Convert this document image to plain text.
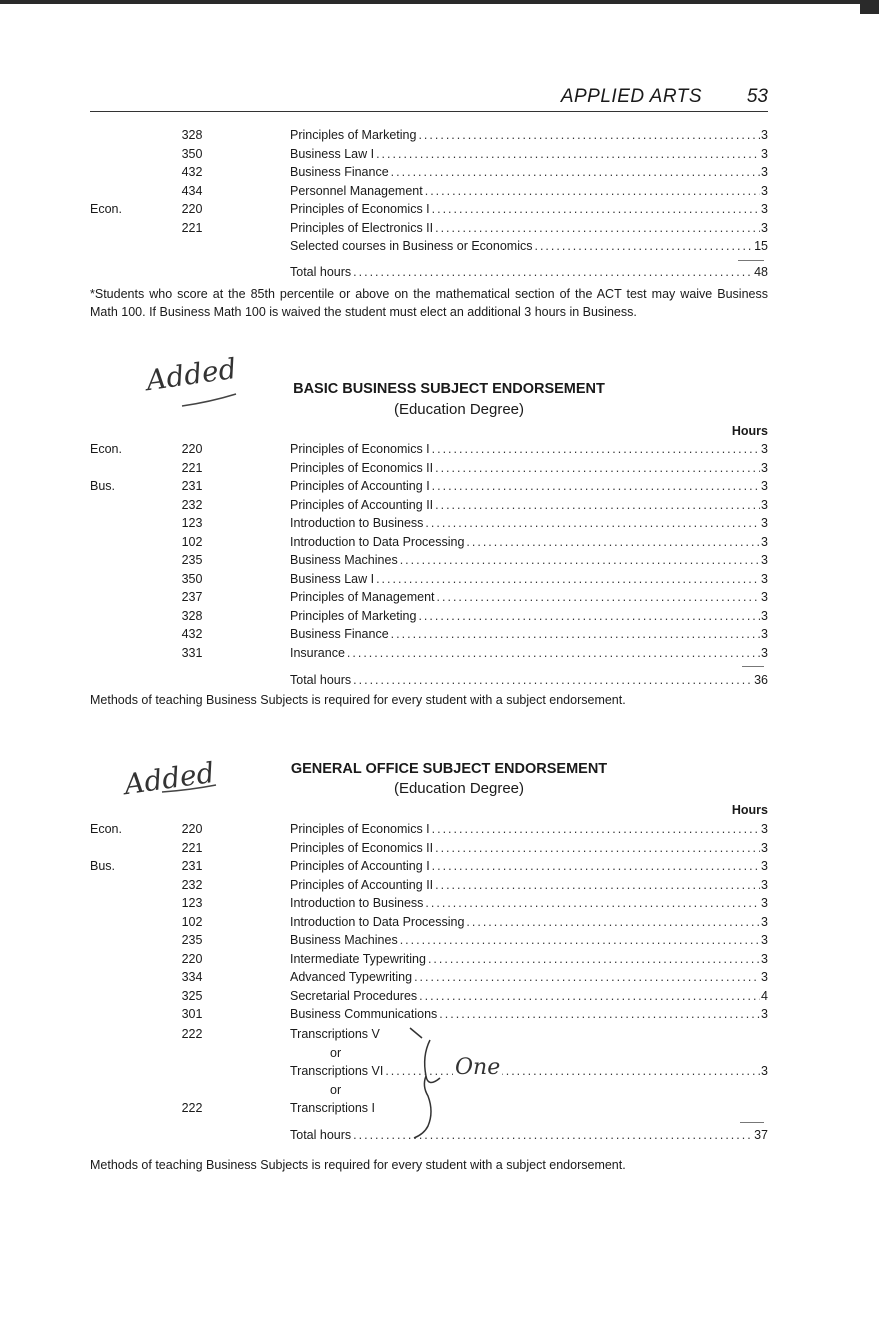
APPLIED ARTS 53
328	Principles of Marketing .....	3
350	Business Law I .....	3
432	Business Finance .....	3
434	Personnel Management .....	3
Econ.	220	Principles of Economics I .....	3
221	Principles of Electronics II .....	3
Selected courses in Business or Economics .....	15
Total hours .....	48
*Students who score at the 85th percentile or above on the mathematical section of the ACT test may waive Business Math 100. If Business Math 100 is waived the student must elect an additional 3 hours in Business.
Added	BASIC BUSINESS SUBJECT ENDORSEMENT
(Education Degree)
Hours
Econ.	220	Principles of Economics I .....	3
221	Principles of Economics II .....	3
Bus.	231	Principles of Accounting I .....	3
232	Principles of Accounting II .....	3
123	Introduction to Business .....	3
102	Introduction to Data Processing .....	3
235	Business Machines .....	3
350	Business Law I .....	3
237	Principles of Management .....	3
328	Principles of Marketing .....	3
432	Business Finance .....	3
331	Insurance .....	3
Total hours .....	36
Methods of teaching Business Subjects is required for every student with a subject endorsement.
Added	GENERAL OFFICE SUBJECT ENDORSEMENT
(Education Degree)
Hours
Econ.	220	Principles of Economics I .....	3
221	Principles of Economics II .....	3
Bus.	231	Principles of Accounting I .....	3
232	Principles of Accounting II .....	3
123	Introduction to Business .....	3
102	Introduction to Data Processing .....	3
235	Business Machines .....	3
220	Intermediate Typewriting .....	3
334	Advanced Typewriting .....	3
325	Secretarial Procedures .....	4
301	Business Communications .....	3
222	Transcriptions V
or
Transcriptions VI .....	3
or
222	Transcriptions I
One
Total hours .....	37
Methods of teaching Business Subjects is required for every student with a subject endorsement.
